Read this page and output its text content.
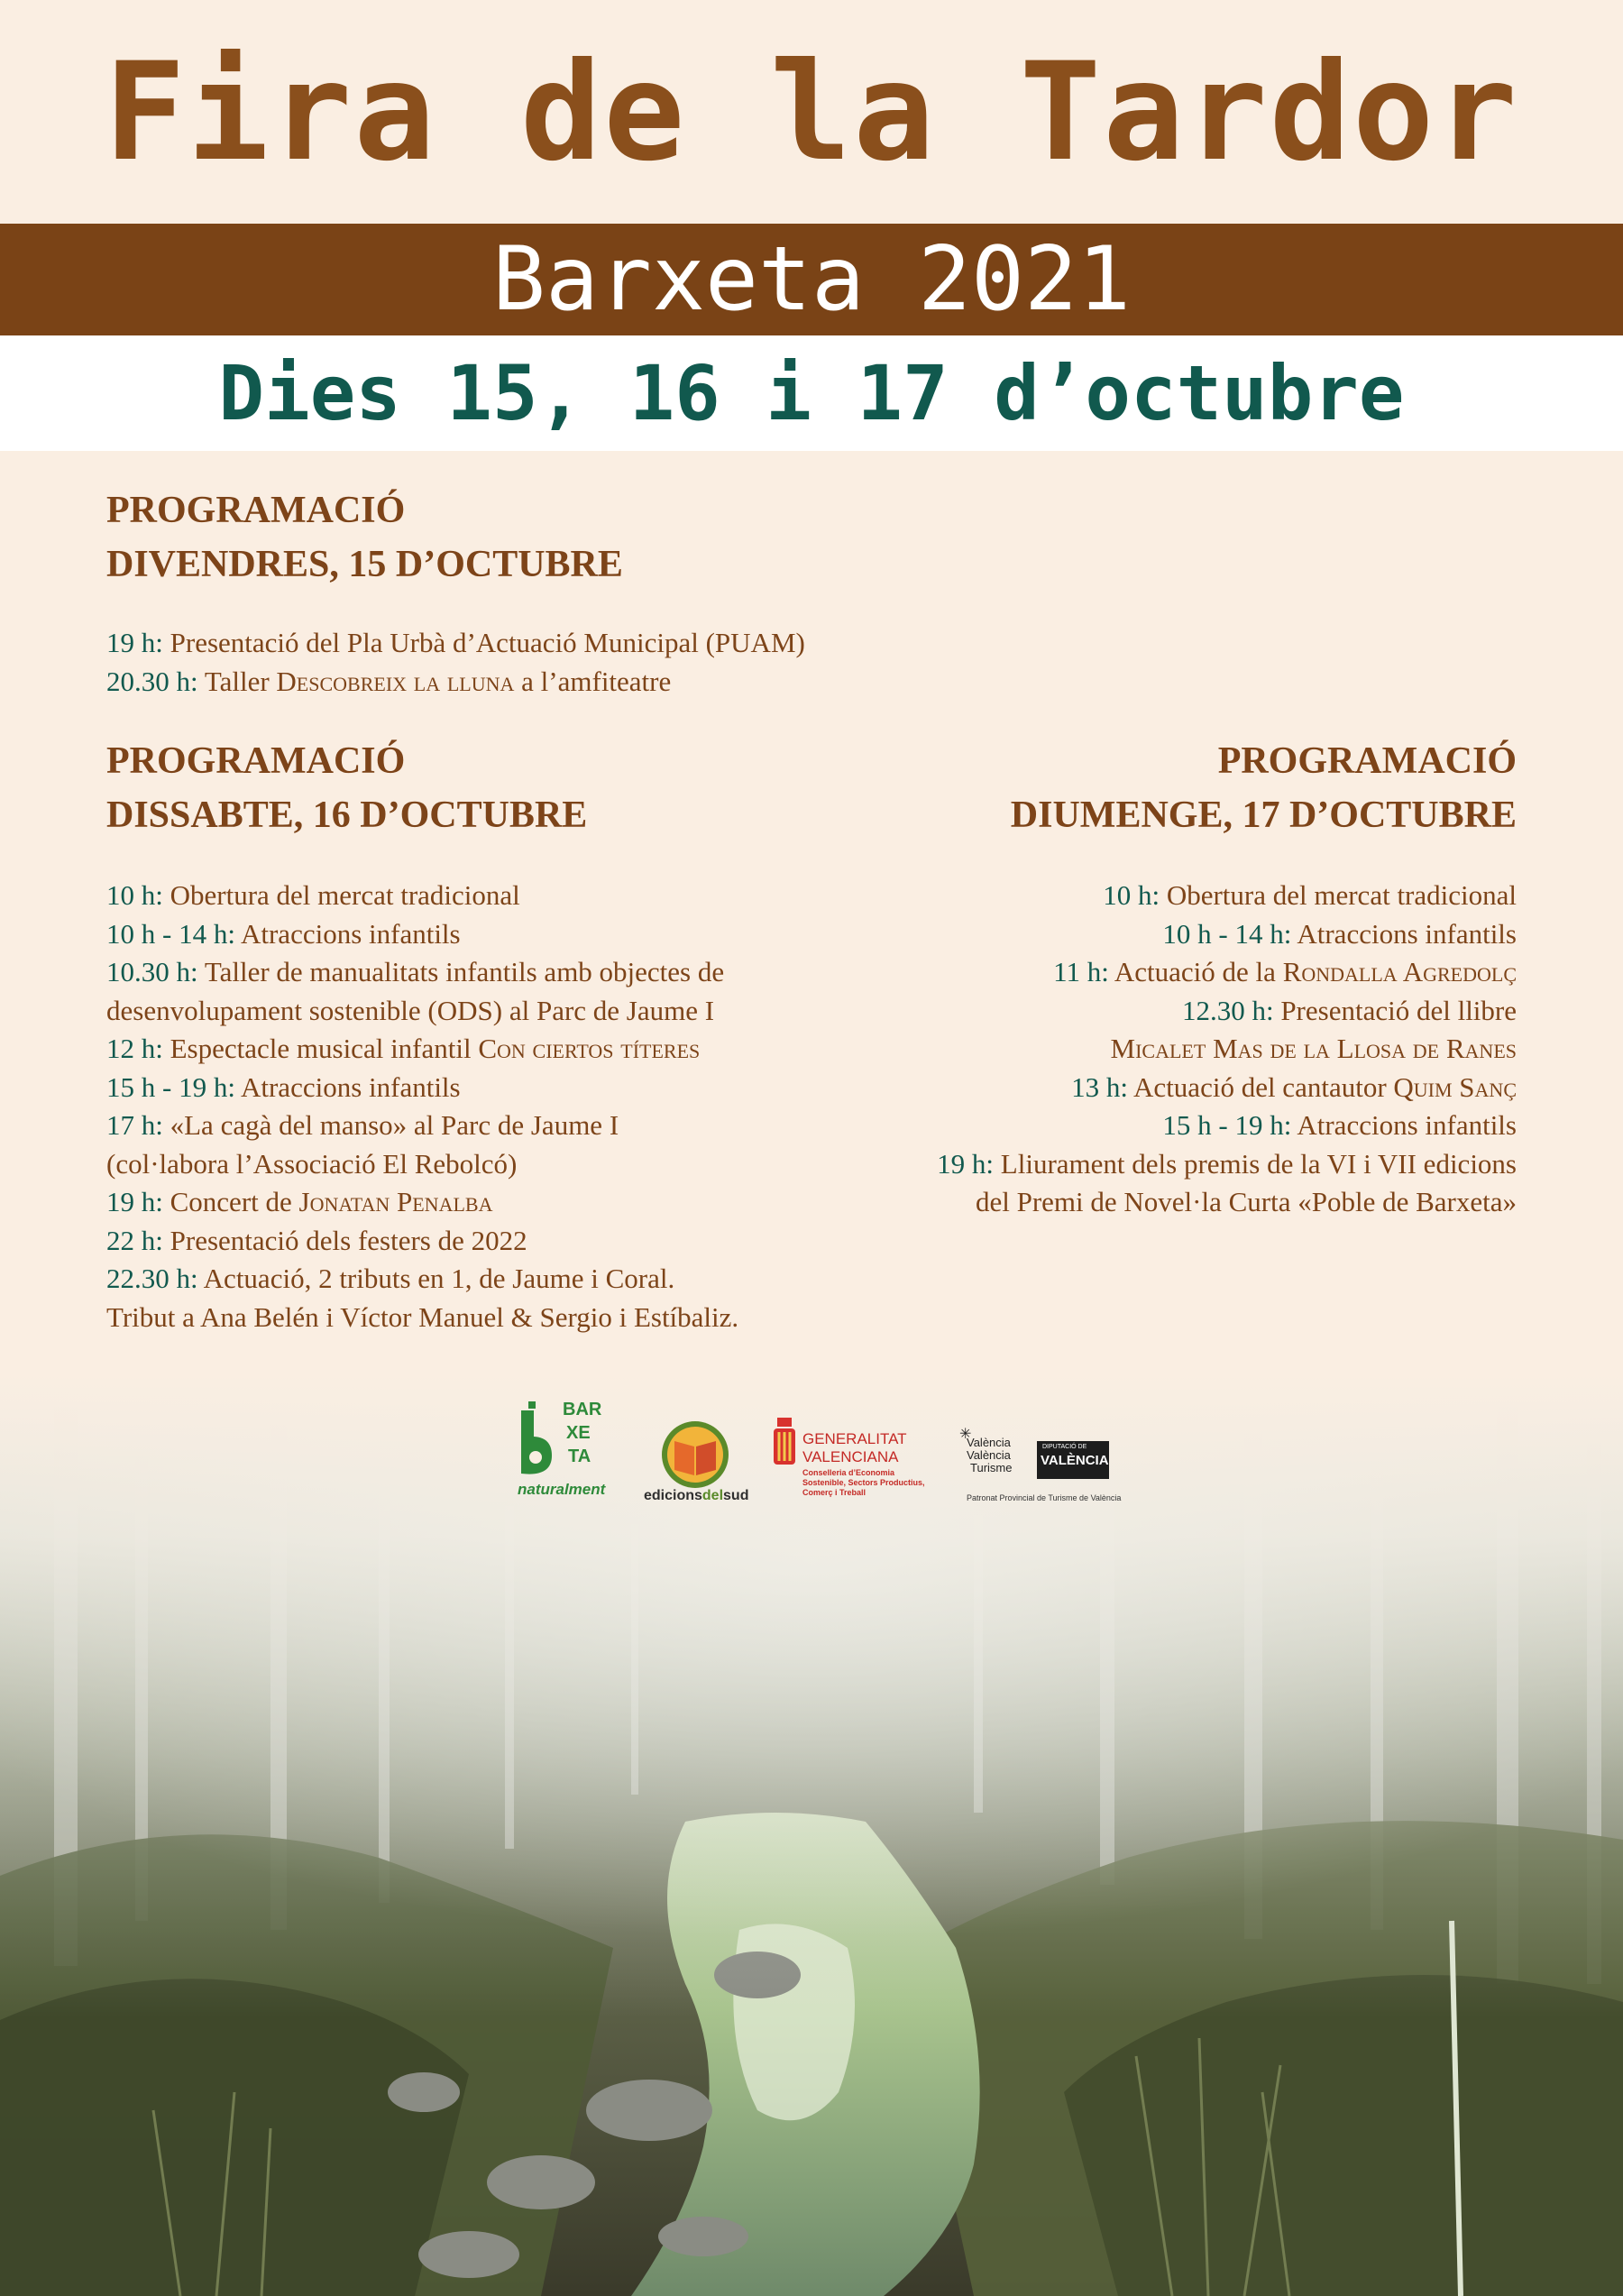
Fira de la Tardor
Barxeta 2021
Dies 15, 16 i 17 d’octubre
PROGRAMACIÓ
DIVENDRES, 15 D’OCTUBRE
19 h: Presentació del Pla Urbà d’Actuació Municipal (PUAM)
20.30 h: Taller Descobreix la lluna a l’amfiteatre
PROGRAMACIÓ
DISSABTE, 16 D’OCTUBRE
10 h: Obertura del mercat tradicional
10 h - 14 h: Atraccions infantils
10.30 h: Taller de manualitats infantils amb objectes de
desenvolupament sostenible (ODS) al Parc de Jaume I
12 h: Espectacle musical infantil Con ciertos títeres
15 h - 19 h: Atraccions infantils
17 h: «La cagà del manso» al Parc de Jaume I
(col·labora l’Associació El Rebolcó)
19 h: Concert de Jonatan Penalba
22 h: Presentació dels festers de 2022
22.30 h: Actuació, 2 tributs en 1, de Jaume i Coral.
Tribut a Ana Belén i Víctor Manuel & Sergio i Estíbaliz.
PROGRAMACIÓ
DIUMENGE, 17 D’OCTUBRE
10 h: Obertura del mercat tradicional
10 h - 14 h: Atraccions infantils
11 h: Actuació de la Rondalla Agredolç
12.30 h: Presentació del llibre
Micalet Mas de la Llosa de Ranes
13 h: Actuació del cantautor Quim Sanç
15 h - 19 h: Atraccions infantils
19 h: Lliurament dels premis de la VI i VII edicions
del Premi de Novel·la Curta «Poble de Barxeta»
BAR
XE
TA
naturalment	edicionsdelsud
GENERALITAT
VALENCIANA
Conselleria d’Economia
Sostenible, Sectors Productius,
Comerç i Treball
✳
València
València
Turisme
DIPUTACIÓ DE
VALÈNCIA
Patronat Provincial de Turisme de València
